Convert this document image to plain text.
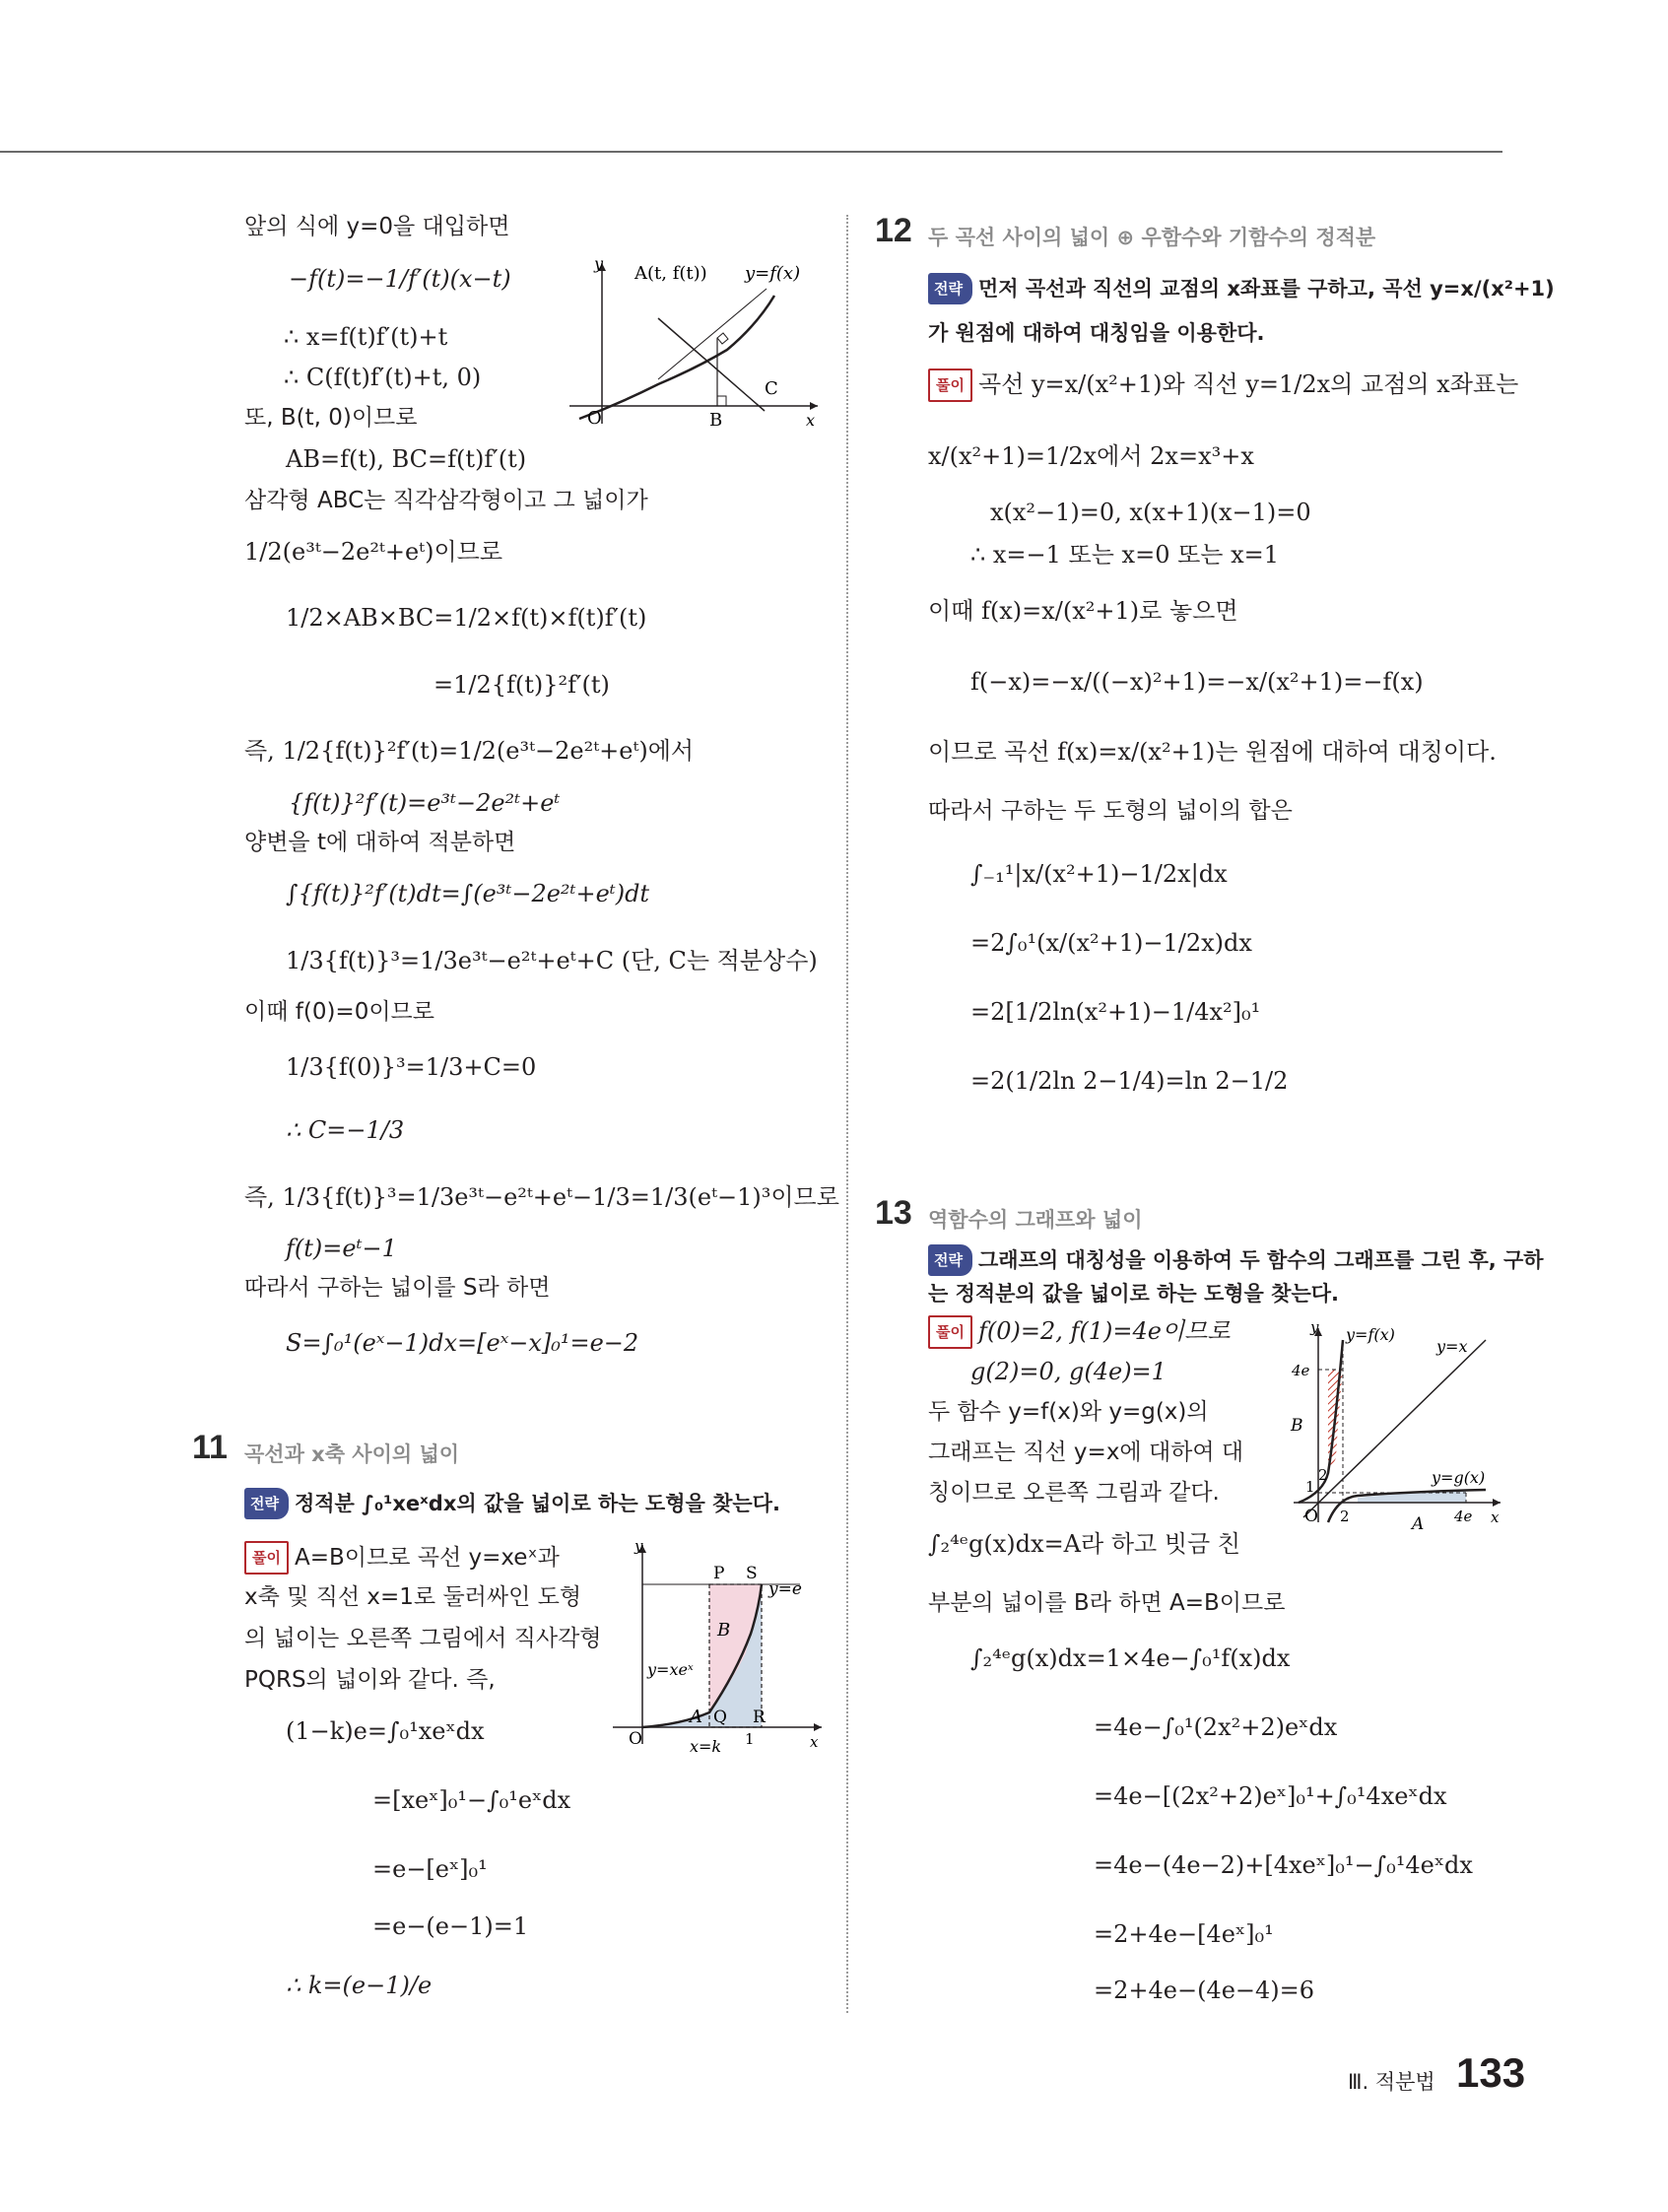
앞의 식에 y=0을 대입하면
−f(t)=−1/f′(t)(x−t)
∴ x=f(t)f′(t)+t
∴ C(f(t)f′(t)+t, 0)
또, B(t, 0)이므로
AB=f(t), BC=f(t)f′(t)
삼각형 ABC는 직각삼각형이고 그 넓이가
1/2(e³ᵗ−2e²ᵗ+eᵗ)이므로
1/2×AB×BC=1/2×f(t)×f(t)f′(t)
=1/2{f(t)}²f′(t)
즉, 1/2{f(t)}²f′(t)=1/2(e³ᵗ−2e²ᵗ+eᵗ)에서
{f(t)}²f′(t)=e³ᵗ−2e²ᵗ+eᵗ
양변을 t에 대하여 적분하면
∫{f(t)}²f′(t)dt=∫(e³ᵗ−2e²ᵗ+eᵗ)dt
1/3{f(t)}³=1/3e³ᵗ−e²ᵗ+eᵗ+C (단, C는 적분상수)
이때 f(0)=0이므로
1/3{f(0)}³=1/3+C=0
∴ C=−1/3
즉, 1/3{f(t)}³=1/3e³ᵗ−e²ᵗ+eᵗ−1/3=1/3(eᵗ−1)³이므로
f(t)=eᵗ−1
따라서 구하는 넓이를 S라 하면
S=∫₀¹(eˣ−1)dx=[eˣ−x]₀¹=e−2
y
x
O
A(t, f(t)) y=f(x)
B
C
11 곡선과 x축 사이의 넓이
전략 정적분 ∫₀¹xeˣdx의 값을 넓이로 하는 도형을 찾는다.
풀이 A=B이므로 곡선 y=xeˣ과
x축 및 직선 x=1로 둘러싸인 도형
의 넓이는 오른쪽 그림에서 직사각형
PQRS의 넓이와 같다. 즉,
(1−k)e=∫₀¹xeˣdx
=[xeˣ]₀¹−∫₀¹eˣdx
=e−[eˣ]₀¹
=e−(e−1)=1
∴ k=(e−1)/e
y
x
O
P S
y=e
B
y=xeˣ
A Q R
1
x=k
12 두 곡선 사이의 넓이 ⊕ 우함수와 기함수의 정적분
전략 먼저 곡선과 직선의 교점의 x좌표를 구하고, 곡선 y=x/(x²+1)
가 원점에 대하여 대칭임을 이용한다.
풀이 곡선 y=x/(x²+1)와 직선 y=1/2x의 교점의 x좌표는
x/(x²+1)=1/2x에서 2x=x³+x
x(x²−1)=0, x(x+1)(x−1)=0
∴ x=−1 또는 x=0 또는 x=1
이때 f(x)=x/(x²+1)로 놓으면
f(−x)=−x/((−x)²+1)=−x/(x²+1)=−f(x)
이므로 곡선 f(x)=x/(x²+1)는 원점에 대하여 대칭이다.
따라서 구하는 두 도형의 넓이의 합은
∫₋₁¹|x/(x²+1)−1/2x|dx
=2∫₀¹(x/(x²+1)−1/2x)dx
=2[1/2ln(x²+1)−1/4x²]₀¹
=2(1/2ln 2−1/4)=ln 2−1/2
13 역함수의 그래프와 넓이
전략 그래프의 대칭성을 이용하여 두 함수의 그래프를 그린 후, 구하
는 정적분의 값을 넓이로 하는 도형을 찾는다.
풀이 f(0)=2, f(1)=4e이므로
g(2)=0, g(4e)=1
두 함수 y=f(x)와 y=g(x)의
그래프는 직선 y=x에 대하여 대
칭이므로 오른쪽 그림과 같다.
∫₂⁴ᵉg(x)dx=A라 하고 빗금 친
부분의 넓이를 B라 하면 A=B이므로
∫₂⁴ᵉg(x)dx=1×4e−∫₀¹f(x)dx
=4e−∫₀¹(2x²+2)eˣdx
=4e−[(2x²+2)eˣ]₀¹+∫₀¹4xeˣdx
=4e−(4e−2)+[4xeˣ]₀¹−∫₀¹4eˣdx
=2+4e−[4eˣ]₀¹
=2+4e−(4e−4)=6
y
x
O
4e
y=f(x)
y=x
B
1
2	y=g(x)
A
2	4e
Ⅲ. 적분법 133
